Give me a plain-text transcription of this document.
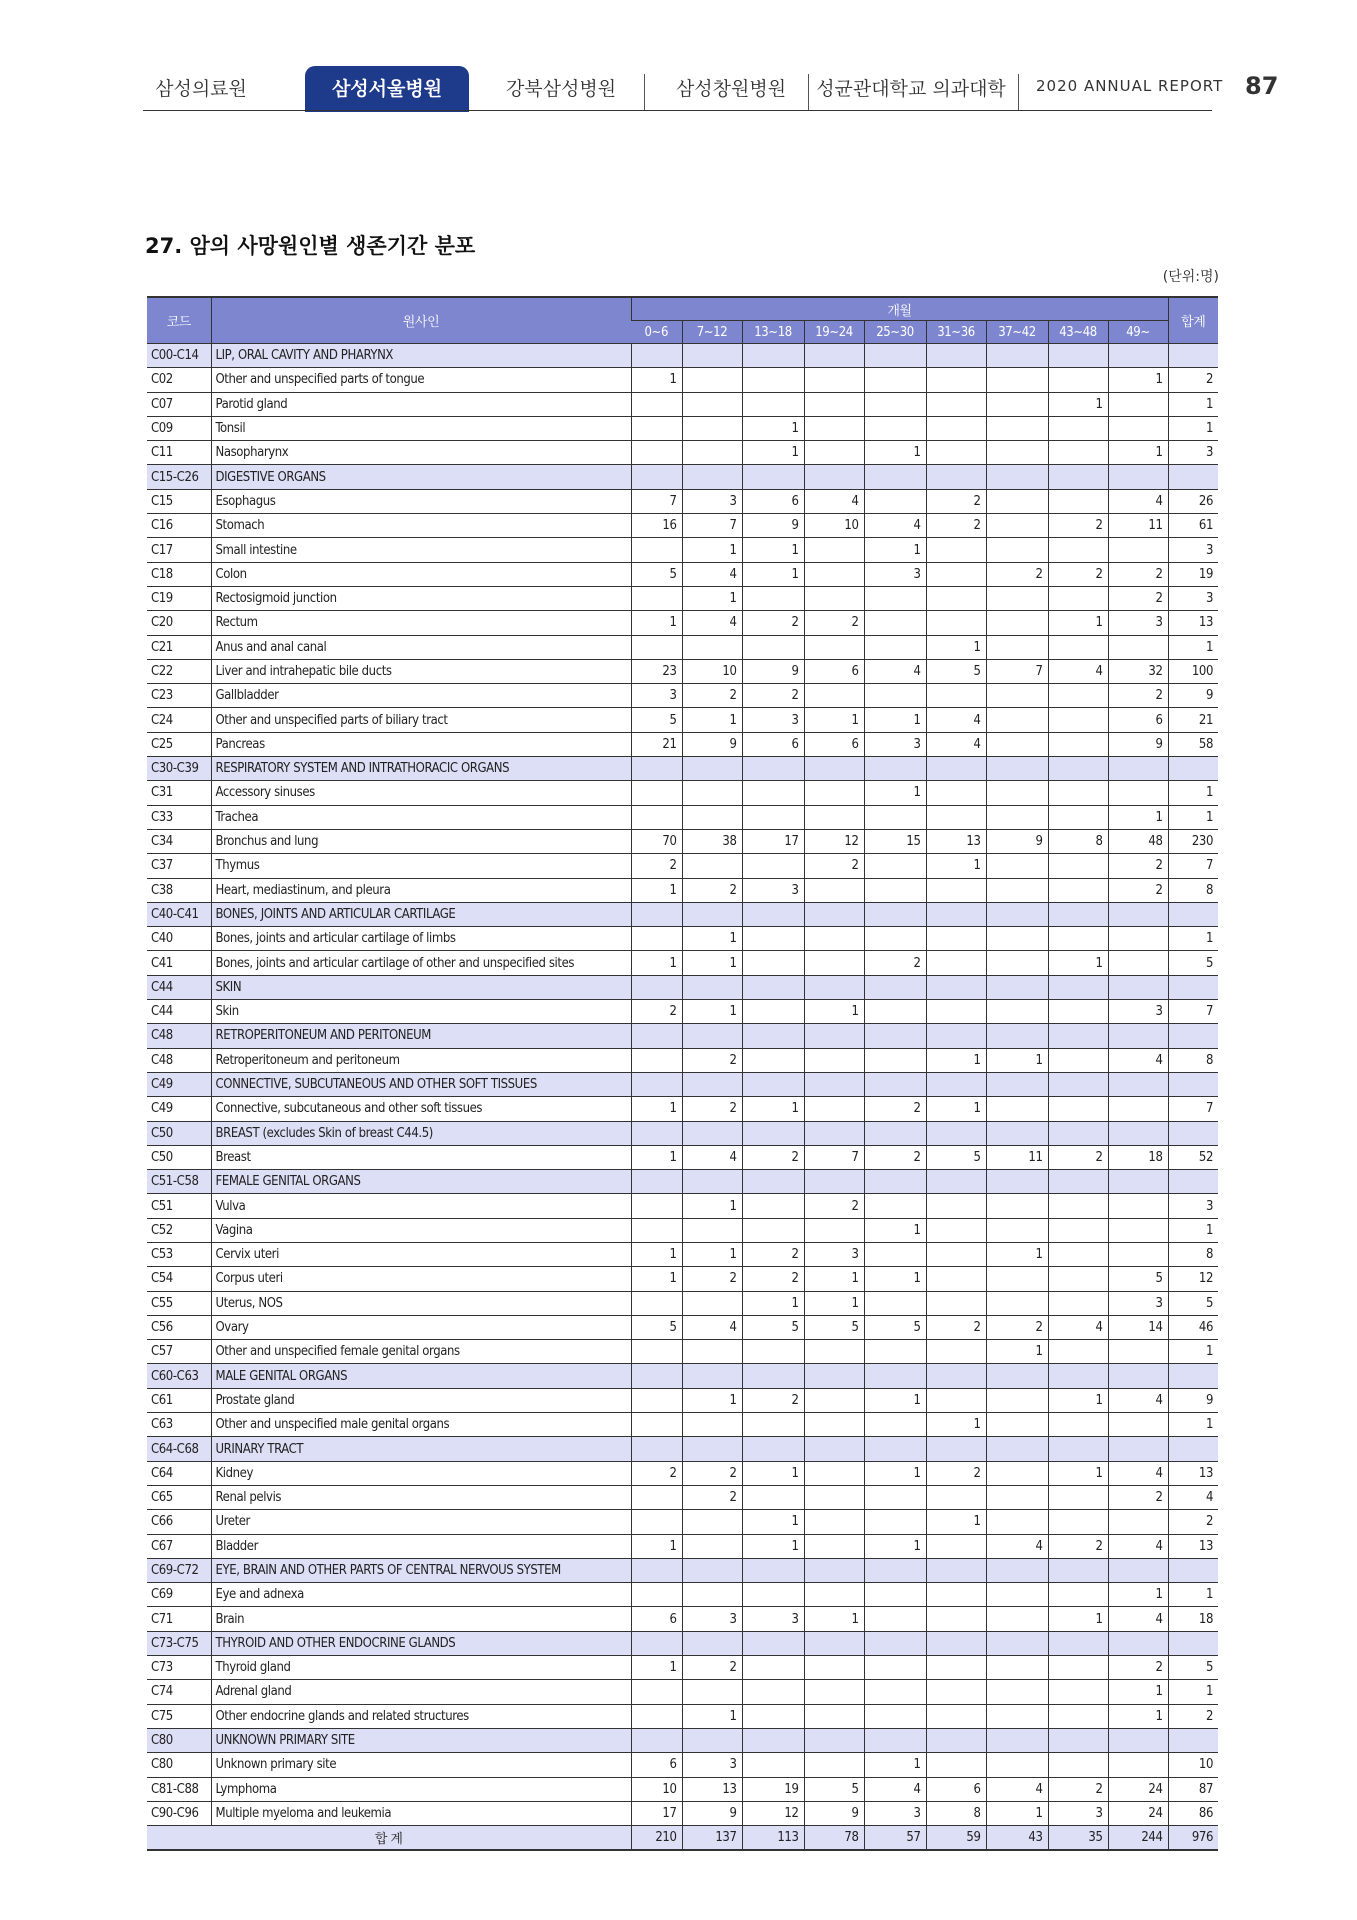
삼성의료원	삼성서울병원	강북삼성병원	삼성창원병원	성균관대학교 의과대학 2020 ANNUAL REPORT 87
27. 암의 사망원인별 생존기간 분포
(단위:명)
코드	원사인	개월									합계
		0~6	7~12	13~18	19~24	25~30	31~36	37~42	43~48	49~	
C00-C14	LIP, ORAL CAVITY AND PHARYNX										
C02	Other and unspecified parts of tongue	1								1	2
C07	Parotid gland								1		1
C09	Tonsil			1							1
C11	Nasopharynx			1		1				1	3
C15-C26	DIGESTIVE ORGANS										
C15	Esophagus	7	3	6	4		2			4	26
C16	Stomach	16	7	9	10	4	2		2	11	61
C17	Small intestine		1	1		1					3
C18	Colon	5	4	1		3		2	2	2	19
C19	Rectosigmoid junction		1							2	3
C20	Rectum	1	4	2	2				1	3	13
C21	Anus and anal canal						1				1
C22	Liver and intrahepatic bile ducts	23	10	9	6	4	5	7	4	32	100
C23	Gallbladder	3	2	2						2	9
C24	Other and unspecified parts of biliary tract	5	1	3	1	1	4			6	21
C25	Pancreas	21	9	6	6	3	4			9	58
C30-C39	RESPIRATORY SYSTEM AND INTRATHORACIC ORGANS										
C31	Accessory sinuses					1					1
C33	Trachea									1	1
C34	Bronchus and lung	70	38	17	12	15	13	9	8	48	230
C37	Thymus	2			2		1			2	7
C38	Heart, mediastinum, and pleura	1	2	3						2	8
C40-C41	BONES, JOINTS AND ARTICULAR CARTILAGE										
C40	Bones, joints and articular cartilage of limbs		1								1
C41	Bones, joints and articular cartilage of other and unspecified sites	1	1			2			1		5
C44	SKIN										
C44	Skin	2	1		1					3	7
C48	RETROPERITONEUM AND PERITONEUM										
C48	Retroperitoneum and peritoneum		2				1	1		4	8
C49	CONNECTIVE, SUBCUTANEOUS AND OTHER SOFT TISSUES										
C49	Connective, subcutaneous and other soft tissues	1	2	1		2	1				7
C50	BREAST (excludes Skin of breast C44.5)										
C50	Breast	1	4	2	7	2	5	11	2	18	52
C51-C58	FEMALE GENITAL ORGANS										
C51	Vulva		1		2						3
C52	Vagina					1					1
C53	Cervix uteri	1	1	2	3			1			8
C54	Corpus uteri	1	2	2	1	1				5	12
C55	Uterus, NOS			1	1					3	5
C56	Ovary	5	4	5	5	5	2	2	4	14	46
C57	Other and unspecified female genital organs							1			1
C60-C63	MALE GENITAL ORGANS										
C61	Prostate gland		1	2		1			1	4	9
C63	Other and unspecified male genital organs						1				1
C64-C68	URINARY TRACT										
C64	Kidney	2	2	1		1	2		1	4	13
C65	Renal pelvis		2							2	4
C66	Ureter			1			1				2
C67	Bladder	1		1		1		4	2	4	13
C69-C72	EYE, BRAIN AND OTHER PARTS OF CENTRAL NERVOUS SYSTEM										
C69	Eye and adnexa									1	1
C71	Brain	6	3	3	1				1	4	18
C73-C75	THYROID AND OTHER ENDOCRINE GLANDS										
C73	Thyroid gland	1	2							2	5
C74	Adrenal gland									1	1
C75	Other endocrine glands and related structures		1							1	2
C80	UNKNOWN PRIMARY SITE										
C80	Unknown primary site	6	3			1					10
C81-C88	Lymphoma	10	13	19	5	4	6	4	2	24	87
C90-C96	Multiple myeloma and leukemia	17	9	12	9	3	8	1	3	24	86
합 계		210	137	113	78	57	59	43	35	244	976
